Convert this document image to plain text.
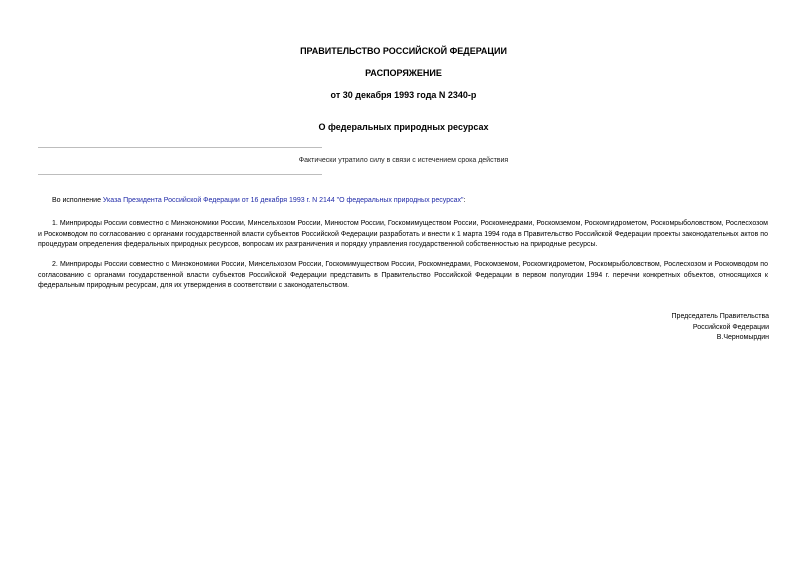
ПРАВИТЕЛЬСТВО РОССИЙСКОЙ ФЕДЕРАЦИИ
РАСПОРЯЖЕНИЕ
от 30 декабря 1993 года N 2340-р
О федеральных природных ресурсах
Фактически утратило силу в связи с истечением срока действия
Во исполнение Указа Президента Российской Федерации от 16 декабря 1993 г. N 2144 "О федеральных природных ресурсах":
1. Минприроды России совместно с Минэкономики России, Минсельхозом России, Минюстом России, Госкомимуществом России, Роскомнедрами, Роскомземом, Роскомгидрометом, Роскомрыболовством, Рослесхозом и Роскомводом по согласованию с органами государственной власти субъектов Российской Федерации разработать и внести к 1 марта 1994 года в Правительство Российской Федерации проекты законодательных актов по процедурам определения федеральных природных ресурсов, вопросам их разграничения и порядку управления государственной собственностью на природные ресурсы.
2. Минприроды России совместно с Минэкономики России, Минсельхозом России, Госкомимуществом России, Роскомнедрами, Роскомземом, Роскомгидрометом, Роскомрыболовством, Рослесхозом и Роскомводом по согласованию с органами государственной власти субъектов Российской Федерации представить в Правительство Российской Федерации в первом полугодии 1994 г. перечни конкретных объектов, относящихся к федеральным природным ресурсам, для их утверждения в соответствии с законодательством.
Председатель Правительства
Российской Федерации
В.Черномырдин
